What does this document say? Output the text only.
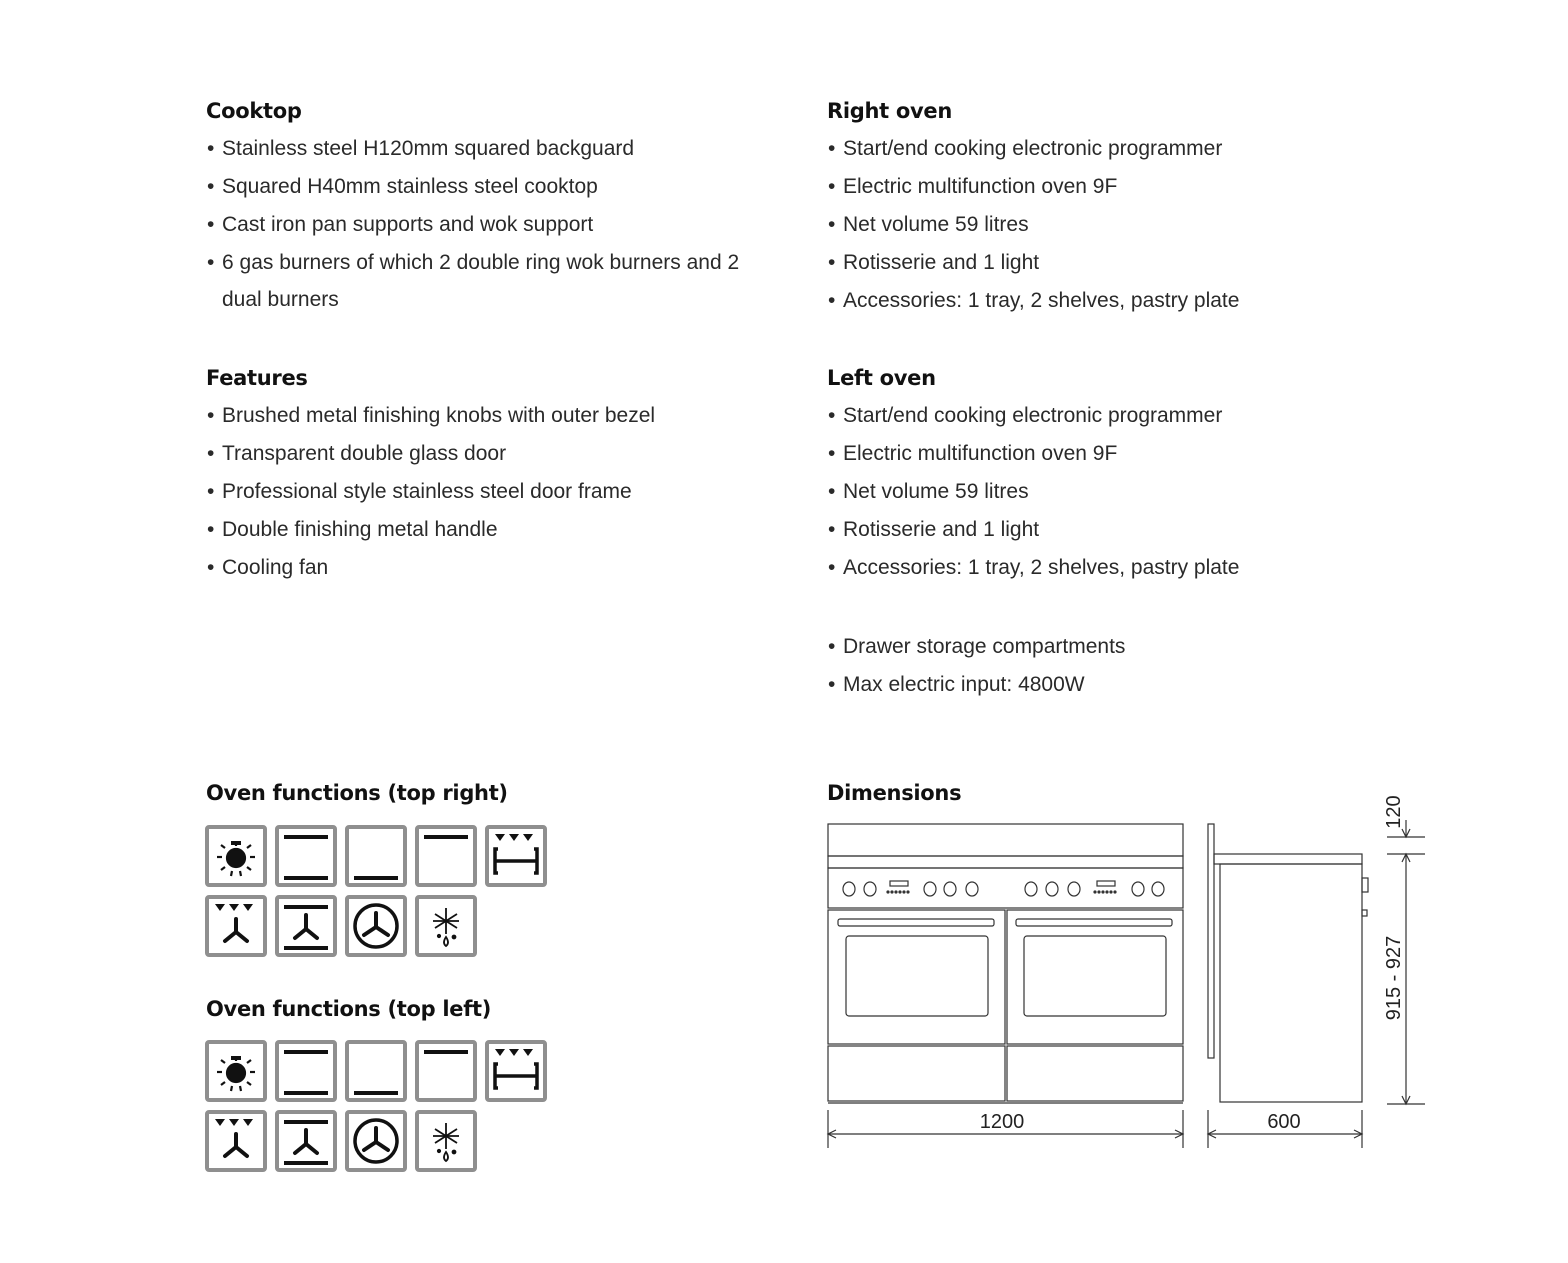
Cooktop
• Stainless steel H120mm squared backguard
• Squared H40mm stainless steel cooktop
• Cast iron pan supports and wok support
• 6 gas burners of which 2 double ring wok burners and 2 dual burners
Right oven
• Start/end cooking electronic programmer
• Electric multifunction oven 9F
• Net volume 59 litres
• Rotisserie and 1 light
• Accessories: 1 tray, 2 shelves, pastry plate
Features
• Brushed metal finishing knobs with outer bezel
• Transparent double glass door
• Professional style stainless steel door frame
• Double finishing metal handle
• Cooling fan
Left oven
• Start/end cooking electronic programmer
• Electric multifunction oven 9F
• Net volume 59 litres
• Rotisserie and 1 light
• Accessories: 1 tray, 2 shelves, pastry plate
• Drawer storage compartments
• Max electric input: 4800W
Oven functions (top right)
Oven functions (top left)
Dimensions
1200	600
915 - 927
120
